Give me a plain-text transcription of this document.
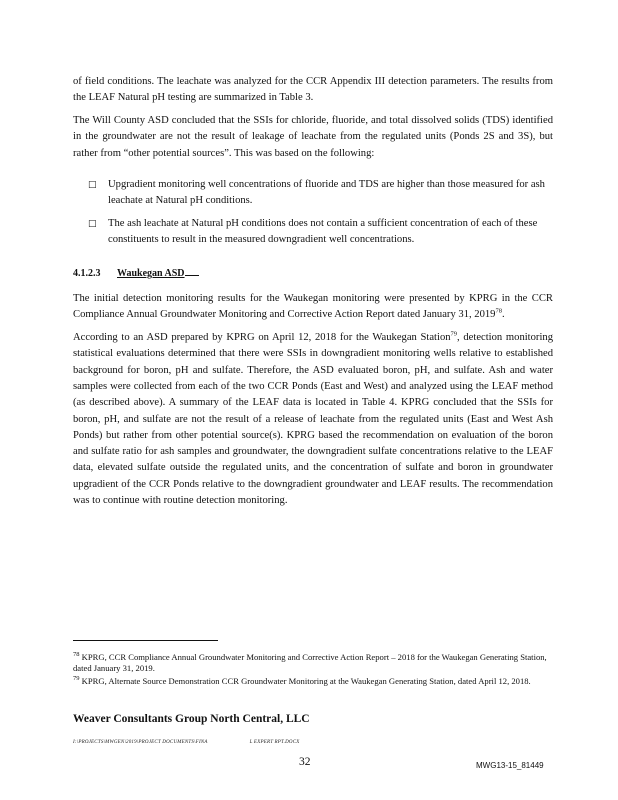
of field conditions. The leachate was analyzed for the CCR Appendix III detection parameters. The results from the LEAF Natural pH testing are summarized in Table 3.

The Will County ASD concluded that the SSIs for chloride, fluoride, and total dissolved solids (TDS) identified in the groundwater are not the result of leakage of leachate from the regulated units (Ponds 2S and 3S), but rather from “other potential sources”. This was based on the following:

□ Upgradient monitoring well concentrations of fluoride and TDS are higher than those measured for ash leachate at Natural pH conditions.
□ The ash leachate at Natural pH conditions does not contain a sufficient concentration of each of these constituents to result in the measured downgradient well concentrations.
4.1.2.3 Waukegan ASD

The initial detection monitoring results for the Waukegan monitoring were presented by KPRG in the CCR Compliance Annual Groundwater Monitoring and Corrective Action Report dated January 31, 2019$^{78}$.

According to an ASD prepared by KPRG on April 12, 2018 for the Waukegan Station$^{79}$, detection monitoring statistical evaluations determined that there were SSIs in downgradient monitoring wells relative to established background for boron, pH and sulfate. Therefore, the ASD evaluated boron, pH, and sulfate. Ash and water samples were collected from each of the two CCR Ponds (East and West) and analyzed using the LEAF method (as described above). A summary of the LEAF data is located in Table 4. KPRG concluded that the SSIs for boron, pH, and sulfate are not the result of a release of leachate from the regulated units (East and West Ash Ponds) but rather from other potential source(s). KPRG based the recommendation on evaluation of the boron and sulfate ratio for ash samples and groundwater, the downgradient sulfate concentrations relative to the LEAF data, elevated sulfate outside the regulated units, and the concentration of sulfate and boron in groundwater upgradient of the CCR Ponds relative to the downgradient groundwater and LEAF results. The recommendation was to continue with routine detection monitoring.

$^{78}$ KPRG, CCR Compliance Annual Groundwater Monitoring and Corrective Action Report – 2018 for the Waukegan Generating Station, dated January 31, 2019.

$^{79}$ KPRG, Alternate Source Demonstration CCR Groundwater Monitoring at the Waukegan Generating Station, dated April 12, 2018.

Weaver Consultants Group North Central, LLC
I:\PROJECTS\MWGEN\2019\PROJECT DOCUMENTS\FINA	L EXPERT RPT.DOCX
32	MWG13-15_81449
